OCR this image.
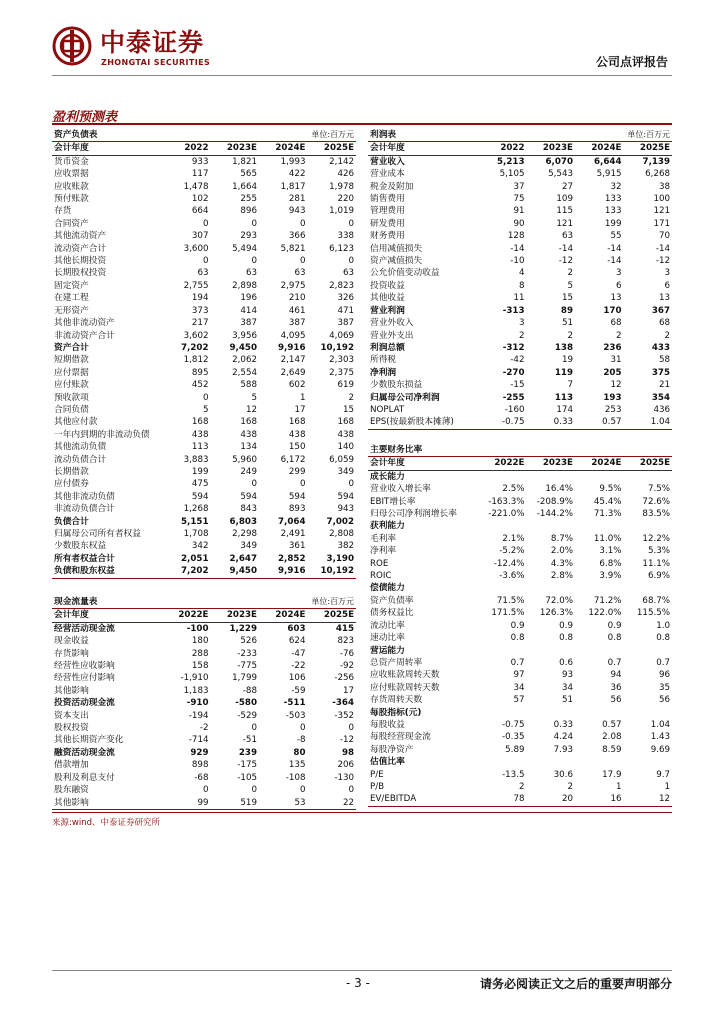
中泰证券
ZHONGTAI SECURITIES	公司点评报告
盈利预测表
资产负债表		单位:百万元		
会计年度	2022	2023E	2024E	2025E
货币资金	933	1,821	1,993	2,142
应收票据	117	565	422	426
应收账款	1,478	1,664	1,817	1,978
预付账款	102	255	281	220
存货	664	896	943	1,019
合同资产	0	0	0	0
其他流动资产	307	293	366	338
流动资产合计	3,600	5,494	5,821	6,123
其他长期投资	0	0	0	0
长期股权投资	63	63	63	63
固定资产	2,755	2,898	2,975	2,823
在建工程	194	196	210	326
无形资产	373	414	461	471
其他非流动资产	217	387	387	387
非流动资产合计	3,602	3,956	4,095	4,069
资产合计	7,202	9,450	9,916	10,192
短期借款	1,812	2,062	2,147	2,303
应付票据	895	2,554	2,649	2,375
应付账款	452	588	602	619
预收款项	0	5	1	2
合同负债	5	12	17	15
其他应付款	168	168	168	168
一年内到期的非流动负债	438	438	438	438
其他流动负债	113	134	150	140
流动负债合计	3,883	5,960	6,172	6,059
长期借款	199	249	299	349
应付债券	475	0	0	0
其他非流动负债	594	594	594	594
非流动负债合计	1,268	843	893	943
负债合计	5,151	6,803	7,064	7,002
归属母公司所有者权益	1,708	2,298	2,491	2,808
少数股东权益	342	349	361	382
所有者权益合计	2,051	2,647	2,852	3,190
负债和股东权益	7,202	9,450	9,916	10,192
现金流量表		单位:百万元		
会计年度	2022E	2023E	2024E	2025E
经营活动现金流	-100	1,229	603	415
现金收益	180	526	624	823
存货影响	288	-233	-47	-76
经营性应收影响	158	-775	-22	-92
经营性应付影响	-1,910	1,799	106	-256
其他影响	1,183	-88	-59	17
投资活动现金流	-910	-580	-511	-364
资本支出	-194	-529	-503	-352
股权投资	-2	0	0	0
其他长期资产变化	-714	-51	-8	-12
融资活动现金流	929	239	80	98
借款增加	898	-175	135	206
股利及利息支付	-68	-105	-108	-130
股东融资	0	0	0	0
其他影响	99	519	53	22
利润表		单位:百万元		
会计年度	2022	2023E	2024E	2025E
营业收入	5,213	6,070	6,644	7,139
营业成本	5,105	5,543	5,915	6,268
税金及附加	37	27	32	38
销售费用	75	109	133	100
管理费用	91	115	133	121
研发费用	90	121	199	171
财务费用	128	63	55	70
信用减值损失	-14	-14	-14	-14
资产减值损失	-10	-12	-14	-12
公允价值变动收益	4	2	3	3
投资收益	8	5	6	6
其他收益	11	15	13	13
营业利润	-313	89	170	367
营业外收入	3	51	68	68
营业外支出	2	2	2	2
利润总额	-312	138	236	433
所得税	-42	19	31	58
净利润	-270	119	205	375
少数股东损益	-15	7	12	21
归属母公司净利润	-255	113	193	354
NOPLAT	-160	174	253	436
EPS(按最新股本摊薄)	-0.75	0.33	0.57	1.04
主要财务比率				
会计年度	2022E	2023E	2024E	2025E
成长能力				
营业收入增长率	2.5%	16.4%	9.5%	7.5%
EBIT增长率	-163.3%	-208.9%	45.4%	72.6%
归母公司净利润增长率	-221.0%	-144.2%	71.3%	83.5%
获利能力				
毛利率	2.1%	8.7%	11.0%	12.2%
净利率	-5.2%	2.0%	3.1%	5.3%
ROE	-12.4%	4.3%	6.8%	11.1%
ROIC	-3.6%	2.8%	3.9%	6.9%
偿债能力				
资产负债率	71.5%	72.0%	71.2%	68.7%
债务权益比	171.5%	126.3%	122.0%	115.5%
流动比率	0.9	0.9	0.9	1.0
速动比率	0.8	0.8	0.8	0.8
营运能力				
总资产周转率	0.7	0.6	0.7	0.7
应收账款周转天数	97	93	94	96
应付账款周转天数	34	34	36	35
存货周转天数	57	51	56	56
每股指标(元)				
每股收益	-0.75	0.33	0.57	1.04
每股经营现金流	-0.35	4.24	2.08	1.43
每股净资产	5.89	7.93	8.59	9.69
估值比率				
P/E	-13.5	30.6	17.9	9.7
P/B	2	2	1	1
EV/EBITDA	78	20	16	12
来源:wind、中泰证券研究所
- 3 -	请务必阅读正文之后的重要声明部分
